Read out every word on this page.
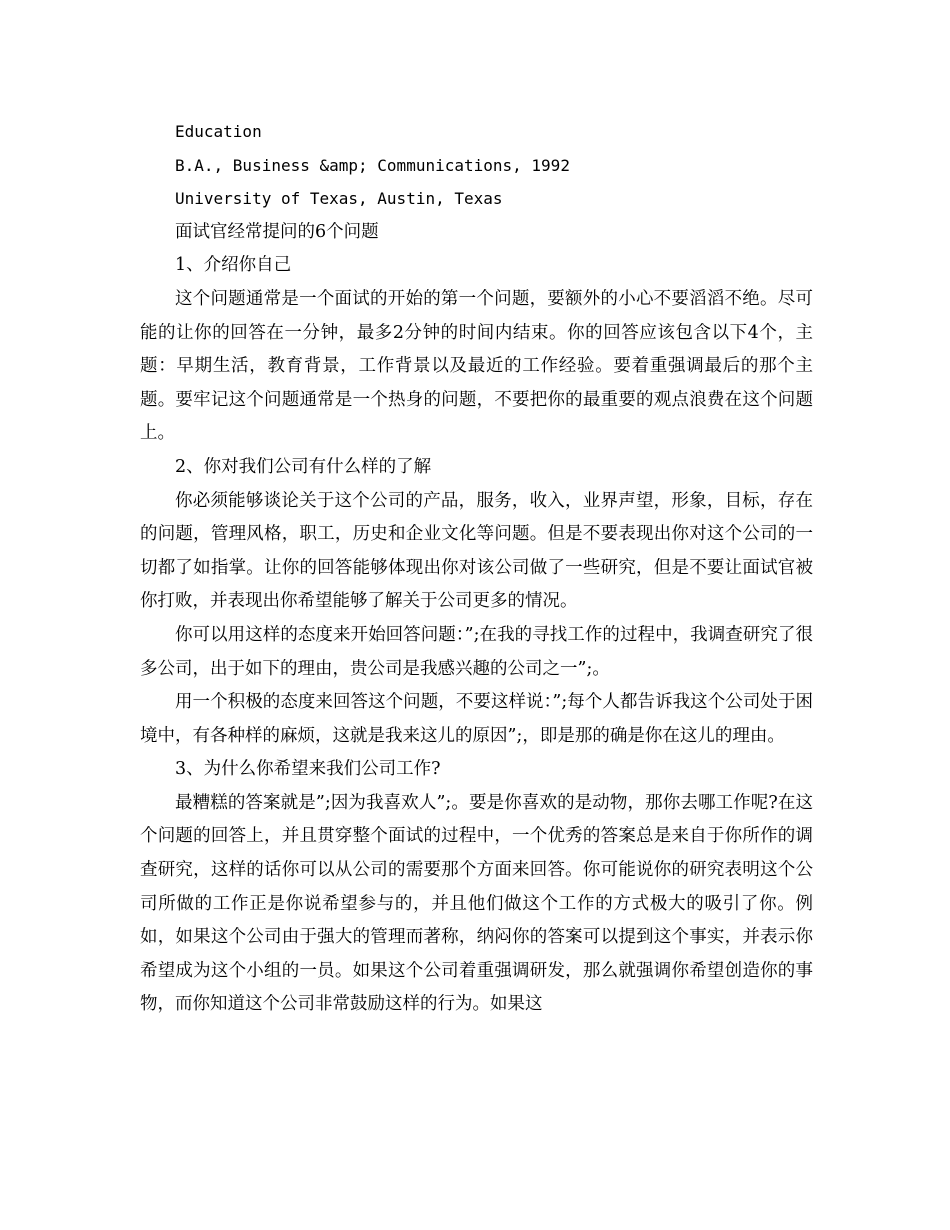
Education

B.A., Business &amp; Communications, 1992

University of Texas, Austin, Texas

面试官经常提问的6个问题

1、介绍你自己

这个问题通常是一个面试的开始的第一个问题，要额外的小心不要滔滔不绝。尽可能的让你的回答在一分钟，最多2分钟的时间内结束。你的回答应该包含以下4个，主题：早期生活，教育背景，工作背景以及最近的工作经验。要着重强调最后的那个主题。要牢记这个问题通常是一个热身的问题，不要把你的最重要的观点浪费在这个问题上。

2、你对我们公司有什么样的了解

你必须能够谈论关于这个公司的产品，服务，收入，业界声望，形象，目标，存在的问题，管理风格，职工，历史和企业文化等问题。但是不要表现出你对这个公司的一切都了如指掌。让你的回答能够体现出你对该公司做了一些研究，但是不要让面试官被你打败，并表现出你希望能够了解关于公司更多的情况。

你可以用这样的态度来开始回答问题：”;在我的寻找工作的过程中，我调查研究了很多公司，出于如下的理由，贵公司是我感兴趣的公司之一”;。

用一个积极的态度来回答这个问题，不要这样说：”;每个人都告诉我这个公司处于困境中，有各种样的麻烦，这就是我来这儿的原因”;，即是那的确是你在这儿的理由。

3、为什么你希望来我们公司工作?

最糟糕的答案就是”;因为我喜欢人”;。要是你喜欢的是动物，那你去哪工作呢?在这个问题的回答上，并且贯穿整个面试的过程中，一个优秀的答案总是来自于你所作的调查研究，这样的话你可以从公司的需要那个方面来回答。你可能说你的研究表明这个公司所做的工作正是你说希望参与的，并且他们做这个工作的方式极大的吸引了你。例如，如果这个公司由于强大的管理而著称，纳闷你的答案可以提到这个事实，并表示你希望成为这个小组的一员。如果这个公司着重强调研发，那么就强调你希望创造你的事物，而你知道这个公司非常鼓励这样的行为。如果这
